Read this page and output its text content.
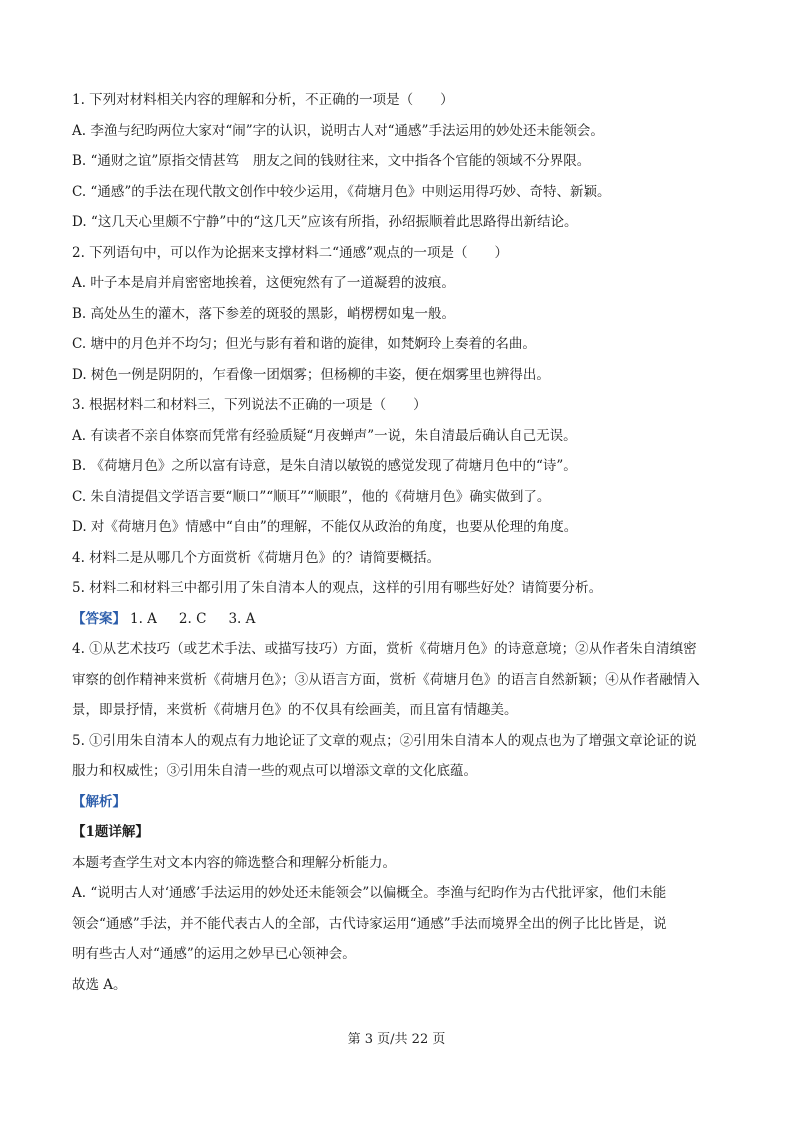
1. 下列对材料相关内容的理解和分析，不正确的一项是（　　）
A. 李渔与纪昀两位大家对“闹”字的认识，说明古人对“通感”手法运用的妙处还未能领会。
B. “通财之谊”原指交情甚笃　朋友之间的钱财往来，文中指各个官能的领域不分界限。
C. “通感”的手法在现代散文创作中较少运用，《荷塘月色》中则运用得巧妙、奇特、新颖。
D. “这几天心里颇不宁静”中的“这几天”应该有所指，孙绍振顺着此思路得出新结论。
2. 下列语句中，可以作为论据来支撑材料二“通感”观点的一项是（　　）
A. 叶子本是肩并肩密密地挨着，这便宛然有了一道凝碧的波痕。
B. 高处丛生的灌木，落下参差的斑驳的黑影，峭楞楞如鬼一般。
C. 塘中的月色并不均匀；但光与影有着和谐的旋律，如梵婀玲上奏着的名曲。
D. 树色一例是阴阴的，乍看像一团烟雾；但杨柳的丰姿，便在烟雾里也辨得出。
3. 根据材料二和材料三，下列说法不正确的一项是（　　）
A. 有读者不亲自体察而凭常有经验质疑“月夜蝉声”一说，朱自清最后确认自己无误。
B. 《荷塘月色》之所以富有诗意，是朱自清以敏锐的感觉发现了荷塘月色中的“诗”。
C. 朱自清提倡文学语言要“顺口”“顺耳”“顺眼”，他的《荷塘月色》确实做到了。
D. 对《荷塘月色》情感中“自由”的理解，不能仅从政治的角度，也要从伦理的角度。
4. 材料二是从哪几个方面赏析《荷塘月色》的？请简要概括。
5. 材料二和材料三中都引用了朱自清本人的观点，这样的引用有哪些好处？请简要分析。
【答案】 1. A 2. C 3. A
4. ①从艺术技巧（或艺术手法、或描写技巧）方面，赏析《荷塘月色》的诗意意境；②从作者朱自清缜密
审察的创作精神来赏析《荷塘月色》；③从语言方面，赏析《荷塘月色》的语言自然新颖；④从作者融情入
景，即景抒情，来赏析《荷塘月色》的不仅具有绘画美，而且富有情趣美。
5. ①引用朱自清本人的观点有力地论证了文章的观点；②引用朱自清本人的观点也为了增强文章论证的说
服力和权威性；③引用朱自清一些的观点可以增添文章的文化底蕴。
【解析】
【1题详解】
本题考查学生对文本内容的筛选整合和理解分析能力。
A. “说明古人对‘通感’手法运用的妙处还未能领会”以偏概全。李渔与纪昀作为古代批评家，他们未能
领会“通感”手法，并不能代表古人的全部，古代诗家运用“通感”手法而境界全出的例子比比皆是，说
明有些古人对“通感”的运用之妙早已心领神会。
故选 A。
第 3 页/共 22 页
